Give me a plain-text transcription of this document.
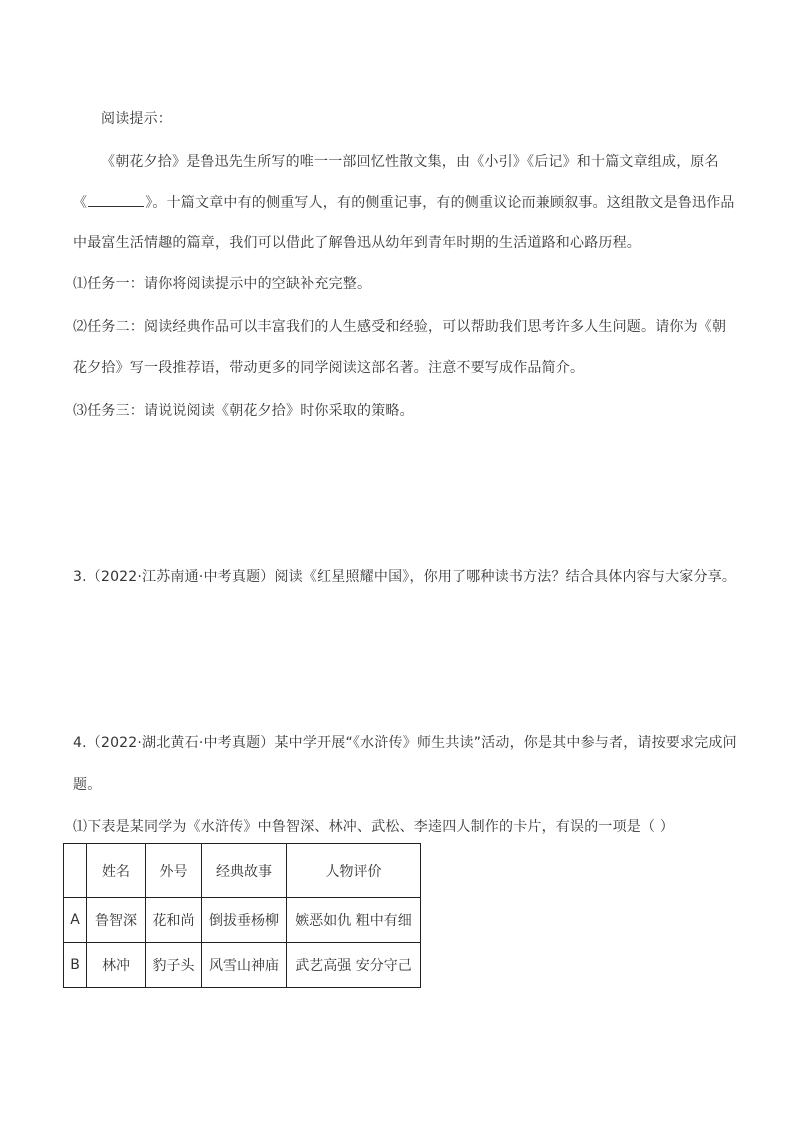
阅读提示：
《朝花夕拾》是鲁迅先生所写的唯一一部回忆性散文集，由《小引》《后记》和十篇文章组成，原名
《	》。十篇文章中有的侧重写人，有的侧重记事，有的侧重议论而兼顾叙事。这组散文是鲁迅作品
中最富生活情趣的篇章，我们可以借此了解鲁迅从幼年到青年时期的生活道路和心路历程。
⑴任务一：请你将阅读提示中的空缺补充完整。
⑵任务二：阅读经典作品可以丰富我们的人生感受和经验，可以帮助我们思考许多人生问题。请你为《朝
花夕拾》写一段推荐语，带动更多的同学阅读这部名著。注意不要写成作品简介。
⑶任务三：请说说阅读《朝花夕拾》时你采取的策略。
3.（2022·江苏南通·中考真题）阅读《红星照耀中国》，你用了哪种读书方法？结合具体内容与大家分享。
4.（2022·湖北黄石·中考真题）某中学开展“《水浒传》师生共读”活动，你是其中参与者，请按要求完成问
题。
⑴下表是某同学为《水浒传》中鲁智深、林冲、武松、李逵四人制作的卡片，有误的一项是（ ）
	姓名	外号	经典故事	人物评价
A	鲁智深	花和尚	倒拔垂杨柳	嫉恶如仇 粗中有细
B	林冲	豹子头	风雪山神庙	武艺高强 安分守己
